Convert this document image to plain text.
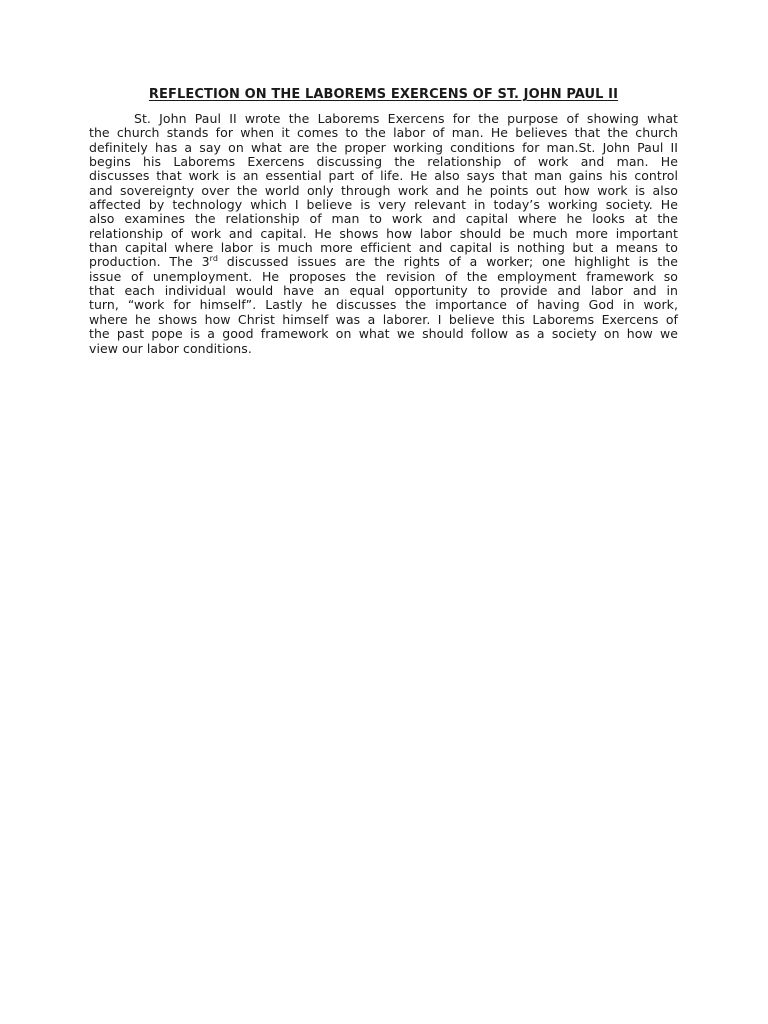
REFLECTION ON THE LABOREMS EXERCENS OF ST. JOHN PAUL II
St. John Paul II wrote the Laborems Exercens for the purpose of showing what
the church stands for when it comes to the labor of man. He believes that the church
definitely has a say on what are the proper working conditions for man.St. John Paul II
begins his Laborems Exercens discussing the relationship of work and man. He
discusses that work is an essential part of life. He also says that man gains his control
and sovereignty over the world only through work and he points out how work is also
affected by technology which I believe is very relevant in today’s working society. He
also examines the relationship of man to work and capital where he looks at the
relationship of work and capital. He shows how labor should be much more important
than capital where labor is much more efficient and capital is nothing but a means to
production. The 3rd discussed issues are the rights of a worker; one highlight is the
issue of unemployment. He proposes the revision of the employment framework so
that each individual would have an equal opportunity to provide and labor and in
turn, “work for himself”. Lastly he discusses the importance of having God in work,
where he shows how Christ himself was a laborer. I believe this Laborems Exercens of
the past pope is a good framework on what we should follow as a society on how we
view our labor conditions.
